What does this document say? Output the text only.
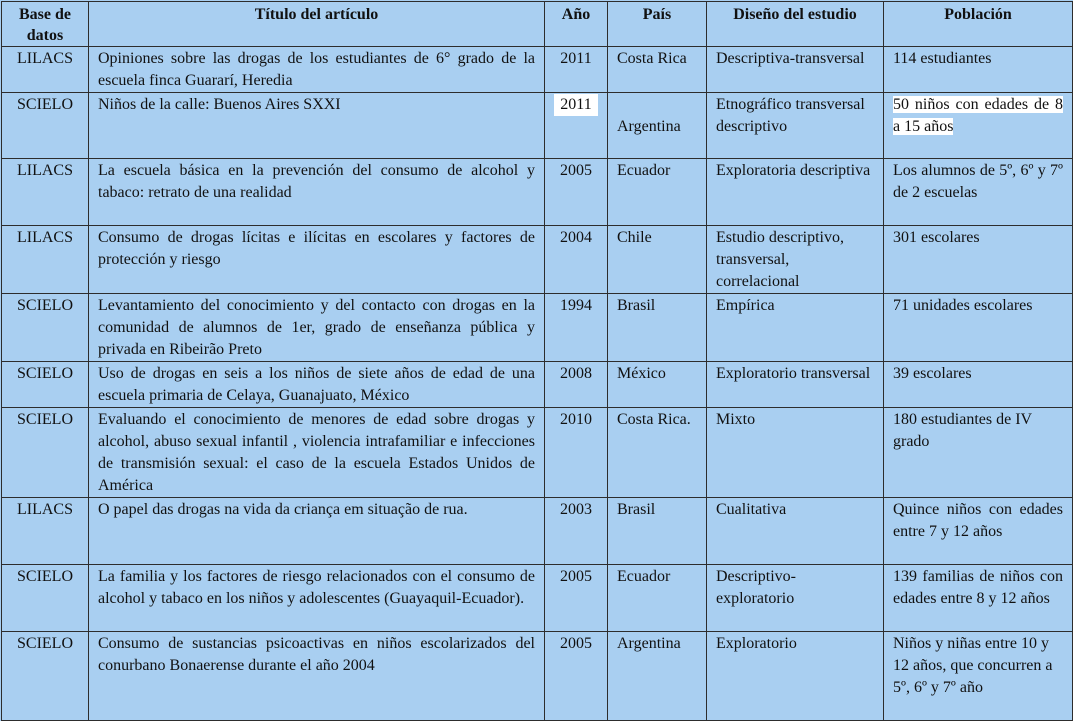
Base de datos	Título del artículo	Año	País	Diseño del estudio	Población
LILACS	Opiniones sobre las drogas de los estudiantes de 6° grado de la escuela finca Guararí, Heredia	2011	Costa Rica	Descriptiva-transversal	114 estudiantes
SCIELO	Niños de la calle: Buenos Aires SXXI	2011	Argentina	Etnográfico transversal descriptivo	50 niños con edades de 8 a 15 años
LILACS	La escuela básica en la prevención del consumo de alcohol y tabaco: retrato de una realidad	2005	Ecuador	Exploratoria descriptiva	Los alumnos de 5º, 6º y 7º de 2 escuelas
LILACS	Consumo de drogas lícitas e ilícitas en escolares y factores de protección y riesgo	2004	Chile	Estudio descriptivo, transversal, correlacional	301 escolares
SCIELO	Levantamiento del conocimiento y del contacto con drogas en la comunidad de alumnos de 1er, grado de enseñanza pública y privada en Ribeirão Preto	1994	Brasil	Empírica	71 unidades escolares
SCIELO	Uso de drogas en seis a los niños de siete años de edad de una escuela primaria de Celaya, Guanajuato, México	2008	México	Exploratorio transversal	39 escolares
SCIELO	Evaluando el conocimiento de menores de edad sobre drogas y alcohol, abuso sexual infantil , violencia intrafamiliar e infecciones de transmisión sexual: el caso de la escuela Estados Unidos de América	2010	Costa Rica.	Mixto	180 estudiantes de IV grado
LILACS	O papel das drogas na vida da criança em situação de rua.	2003	Brasil	Cualitativa	Quince niños con edades entre 7 y 12 años
SCIELO	La familia y los factores de riesgo relacionados con el consumo de alcohol y tabaco en los niños y adolescentes (Guayaquil-Ecuador).	2005	Ecuador	Descriptivo-exploratorio	139 familias de niños con edades entre 8 y 12 años
SCIELO	Consumo de sustancias psicoactivas en niños escolarizados del conurbano Bonaerense durante el año 2004	2005	Argentina	Exploratorio	Niños y niñas entre 10 y 12 años, que concurren a 5º, 6º y 7º año
